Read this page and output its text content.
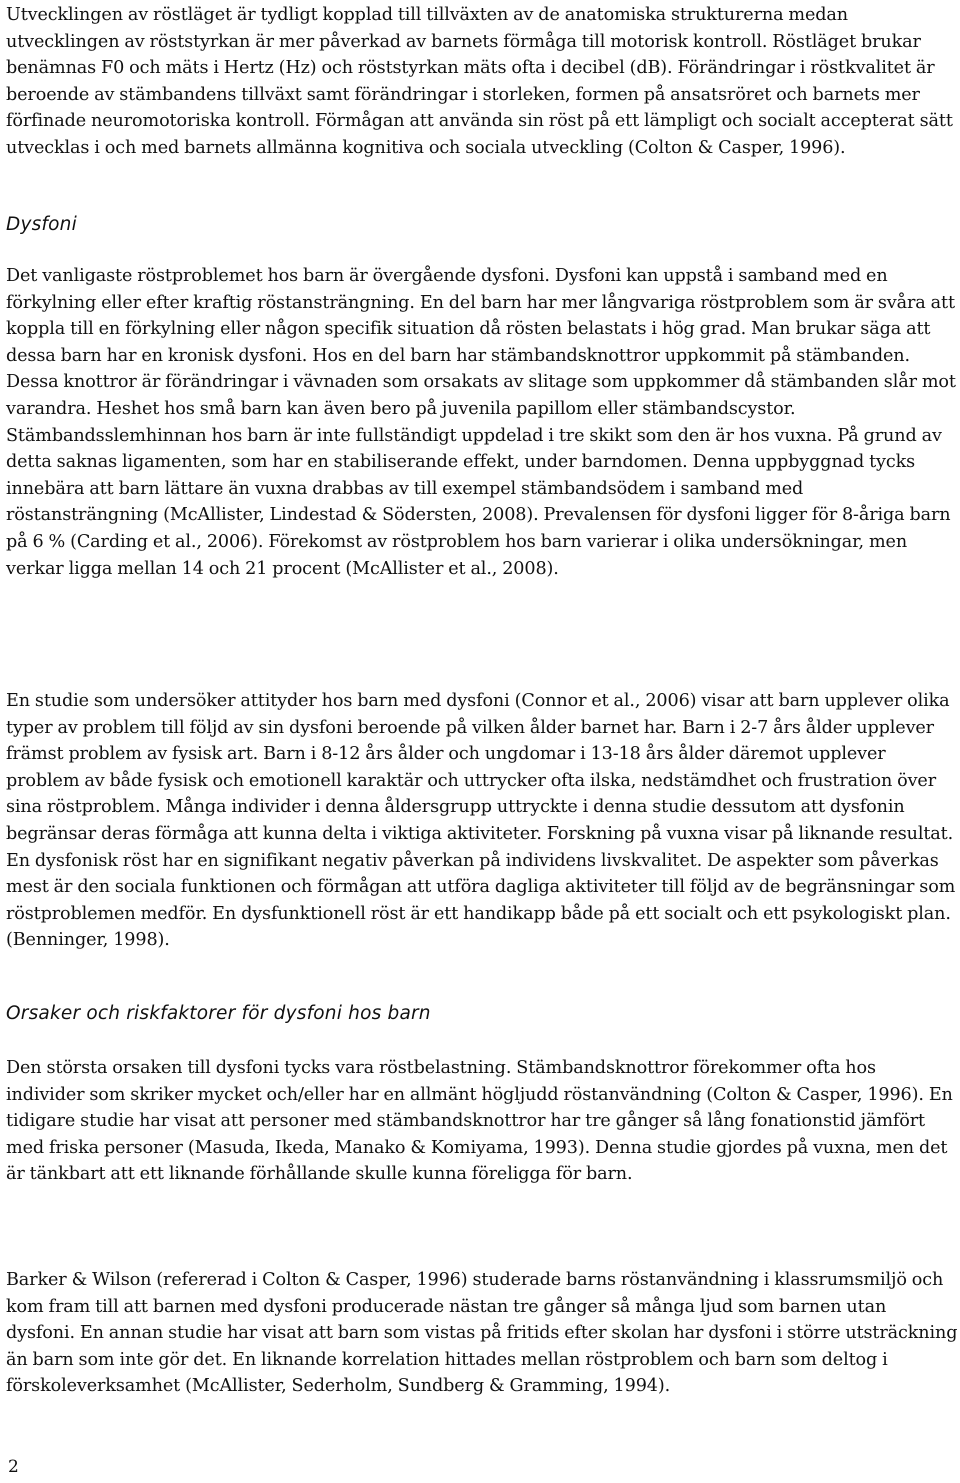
Utvecklingen av röstläget är tydligt kopplad till tillväxten av de anatomiska strukturerna medan utvecklingen av röststyrkan är mer påverkad av barnets förmåga till motorisk kontroll. Röstläget brukar benämnas F0 och mäts i Hertz (Hz) och röststyrkan mäts ofta i decibel (dB). Förändringar i röstkvalitet är beroende av stämbandens tillväxt samt förändringar i storleken, formen på ansatsröret och barnets mer förfinade neuromotoriska kontroll. Förmågan att använda sin röst på ett lämpligt och socialt accepterat sätt utvecklas i och med barnets allmänna kognitiva och sociala utveckling (Colton & Casper, 1996).

Dysfoni

Det vanligaste röstproblemet hos barn är övergående dysfoni. Dysfoni kan uppstå i samband med en förkylning eller efter kraftig röstansträngning. En del barn har mer långvariga röstproblem som är svåra att koppla till en förkylning eller någon specifik situation då rösten belastats i hög grad. Man brukar säga att dessa barn har en kronisk dysfoni. Hos en del barn har stämbandsknottror uppkommit på stämbanden. Dessa knottror är förändringar i vävnaden som orsakats av slitage som uppkommer då stämbanden slår mot varandra. Heshet hos små barn kan även bero på juvenila papillom eller stämbandscystor. Stämbandsslemhinnan hos barn är inte fullständigt uppdelad i tre skikt som den är hos vuxna. På grund av detta saknas ligamenten, som har en stabiliserande effekt, under barndomen. Denna uppbyggnad tycks innebära att barn lättare än vuxna drabbas av till exempel stämbandsödem i samband med röstansträngning (McAllister, Lindestad & Södersten, 2008). Prevalensen för dysfoni ligger för 8-åriga barn på 6 % (Carding et al., 2006). Förekomst av röstproblem hos barn varierar i olika undersökningar, men verkar ligga mellan 14 och 21 procent (McAllister et al., 2008).

En studie som undersöker attityder hos barn med dysfoni (Connor et al., 2006) visar att barn upplever olika typer av problem till följd av sin dysfoni beroende på vilken ålder barnet har. Barn i 2-7 års ålder upplever främst problem av fysisk art. Barn i 8-12 års ålder och ungdomar i 13-18 års ålder däremot upplever problem av både fysisk och emotionell karaktär och uttrycker ofta ilska, nedstämdhet och frustration över sina röstproblem. Många individer i denna åldersgrupp uttryckte i denna studie dessutom att dysfonin begränsar deras förmåga att kunna delta i viktiga aktiviteter. Forskning på vuxna visar på liknande resultat. En dysfonisk röst har en signifikant negativ påverkan på individens livskvalitet. De aspekter som påverkas mest är den sociala funktionen och förmågan att utföra dagliga aktiviteter till följd av de begränsningar som röstproblemen medför. En dysfunktionell röst är ett handikapp både på ett socialt och ett psykologiskt plan. (Benninger, 1998).

Orsaker och riskfaktorer för dysfoni hos barn

Den största orsaken till dysfoni tycks vara röstbelastning. Stämbandsknottror förekommer ofta hos individer som skriker mycket och/eller har en allmänt högljudd röstanvändning (Colton & Casper, 1996). En tidigare studie har visat att personer med stämbandsknottror har tre gånger så lång fonationstid jämfört med friska personer (Masuda, Ikeda, Manako & Komiyama, 1993). Denna studie gjordes på vuxna, men det är tänkbart att ett liknande förhållande skulle kunna föreligga för barn.

Barker & Wilson (refererad i Colton & Casper, 1996) studerade barns röstanvändning i klassrumsmiljö och kom fram till att barnen med dysfoni producerade nästan tre gånger så många ljud som barnen utan dysfoni. En annan studie har visat att barn som vistas på fritids efter skolan har dysfoni i större utsträckning än barn som inte gör det. En liknande korrelation hittades mellan röstproblem och barn som deltog i förskoleverksamhet (McAllister, Sederholm, Sundberg & Gramming, 1994).

2
